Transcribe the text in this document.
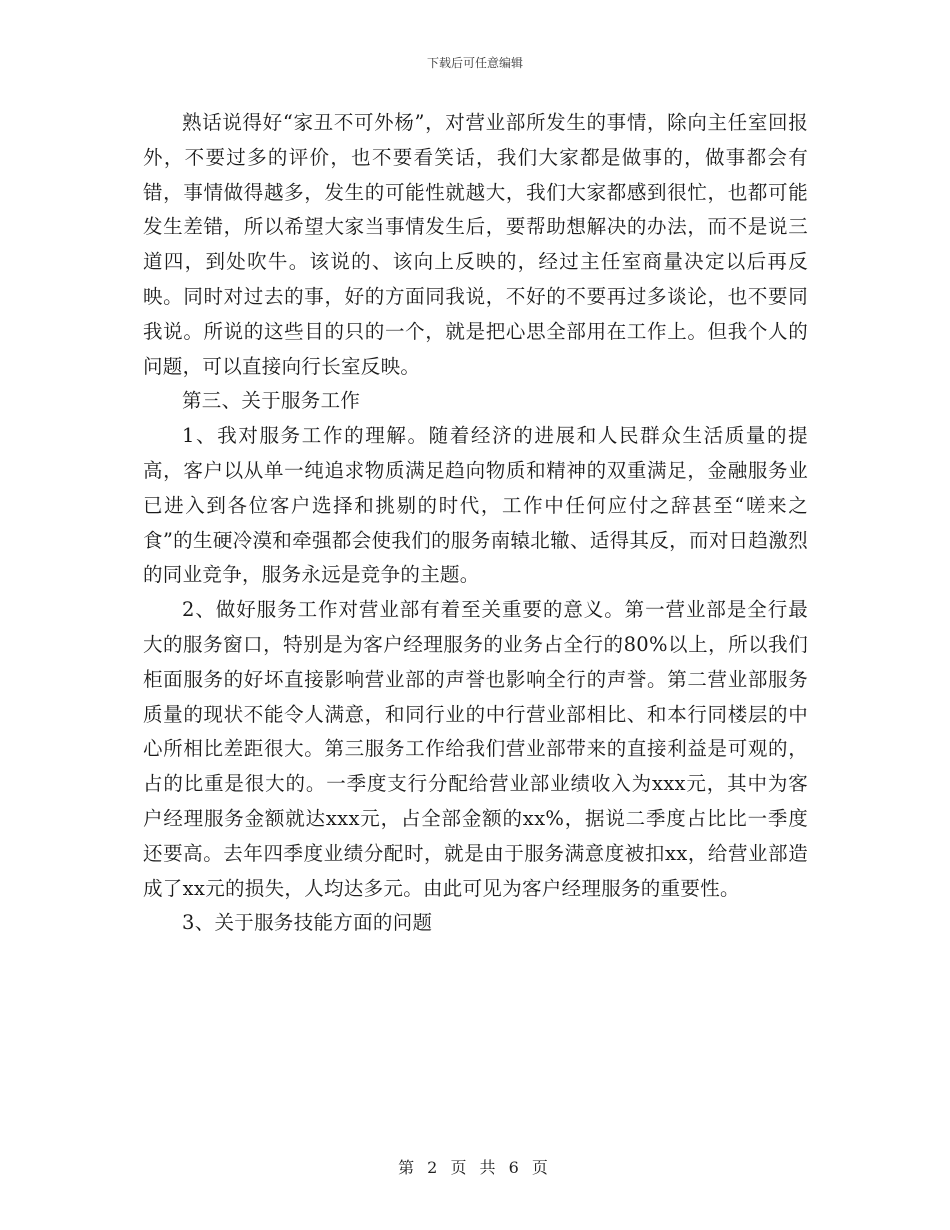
下载后可任意编辑

熟话说得好“家丑不可外杨”，对营业部所发生的事情，除向主任室回报外，不要过多的评价，也不要看笑话，我们大家都是做事的，做事都会有错，事情做得越多，发生的可能性就越大，我们大家都感到很忙，也都可能发生差错，所以希望大家当事情发生后，要帮助想解决的办法，而不是说三道四，到处吹牛。该说的、该向上反映的，经过主任室商量决定以后再反映。同时对过去的事，好的方面同我说，不好的不要再过多谈论，也不要同我说。所说的这些目的只的一个，就是把心思全部用在工作上。但我个人的问题，可以直接向行长室反映。

第三、关于服务工作

1、我对服务工作的理解。随着经济的进展和人民群众生活质量的提高，客户以从单一纯追求物质满足趋向物质和精神的双重满足，金融服务业已进入到各位客户选择和挑剔的时代，工作中任何应付之辞甚至“嗟来之食”的生硬冷漠和牵强都会使我们的服务南辕北辙、适得其反，而对日趋激烈的同业竞争，服务永远是竞争的主题。

2、做好服务工作对营业部有着至关重要的意义。第一营业部是全行最大的服务窗口，特别是为客户经理服务的业务占全行的80%以上，所以我们柜面服务的好坏直接影响营业部的声誉也影响全行的声誉。第二营业部服务质量的现状不能令人满意，和同行业的中行营业部相比、和本行同楼层的中心所相比差距很大。第三服务工作给我们营业部带来的直接利益是可观的，占的比重是很大的。一季度支行分配给营业部业绩收入为xxx元，其中为客户经理服务金额就达xxx元，占全部金额的xx%，据说二季度占比比一季度还要高。去年四季度业绩分配时，就是由于服务满意度被扣xx，给营业部造成了xx元的损失，人均达多元。由此可见为客户经理服务的重要性。

3、关于服务技能方面的问题

第 2 页 共 6 页
